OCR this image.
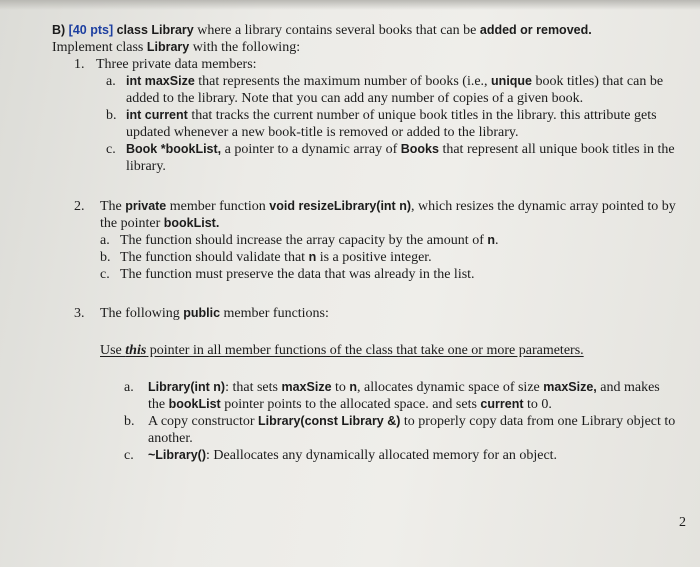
B) [40 pts] class Library where a library contains several books that can be added or removed.

Implement class Library with the following:

1. Three private data members:
a. int maxSize that represents the maximum number of books (i.e., unique book titles) that can be added to the library. Note that you can add any number of copies of a given book.
b. int current that tracks the current number of unique book titles in the library. this attribute gets updated whenever a new book-title is removed or added to the library.
c. Book *bookList, a pointer to a dynamic array of Books that represent all unique book titles in the library.
2.	The private member function void resizeLibrary(int n), which resizes the dynamic array pointed to by the pointer bookList.
a. The function should increase the array capacity by the amount of n.
b. The function should validate that n is a positive integer.
c. The function must preserve the data that was already in the list.
3.	The following public member functions:

Use this pointer in all member functions of the class that take one or more parameters.

a.	Library(int n): that sets maxSize to n, allocates dynamic space of size maxSize, and makes the bookList pointer points to the allocated space. and sets current to 0.
b. A copy constructor Library(const Library &) to properly copy data from one Library object to another.
c.	~Library(): Deallocates any dynamically allocated memory for an object.
2
